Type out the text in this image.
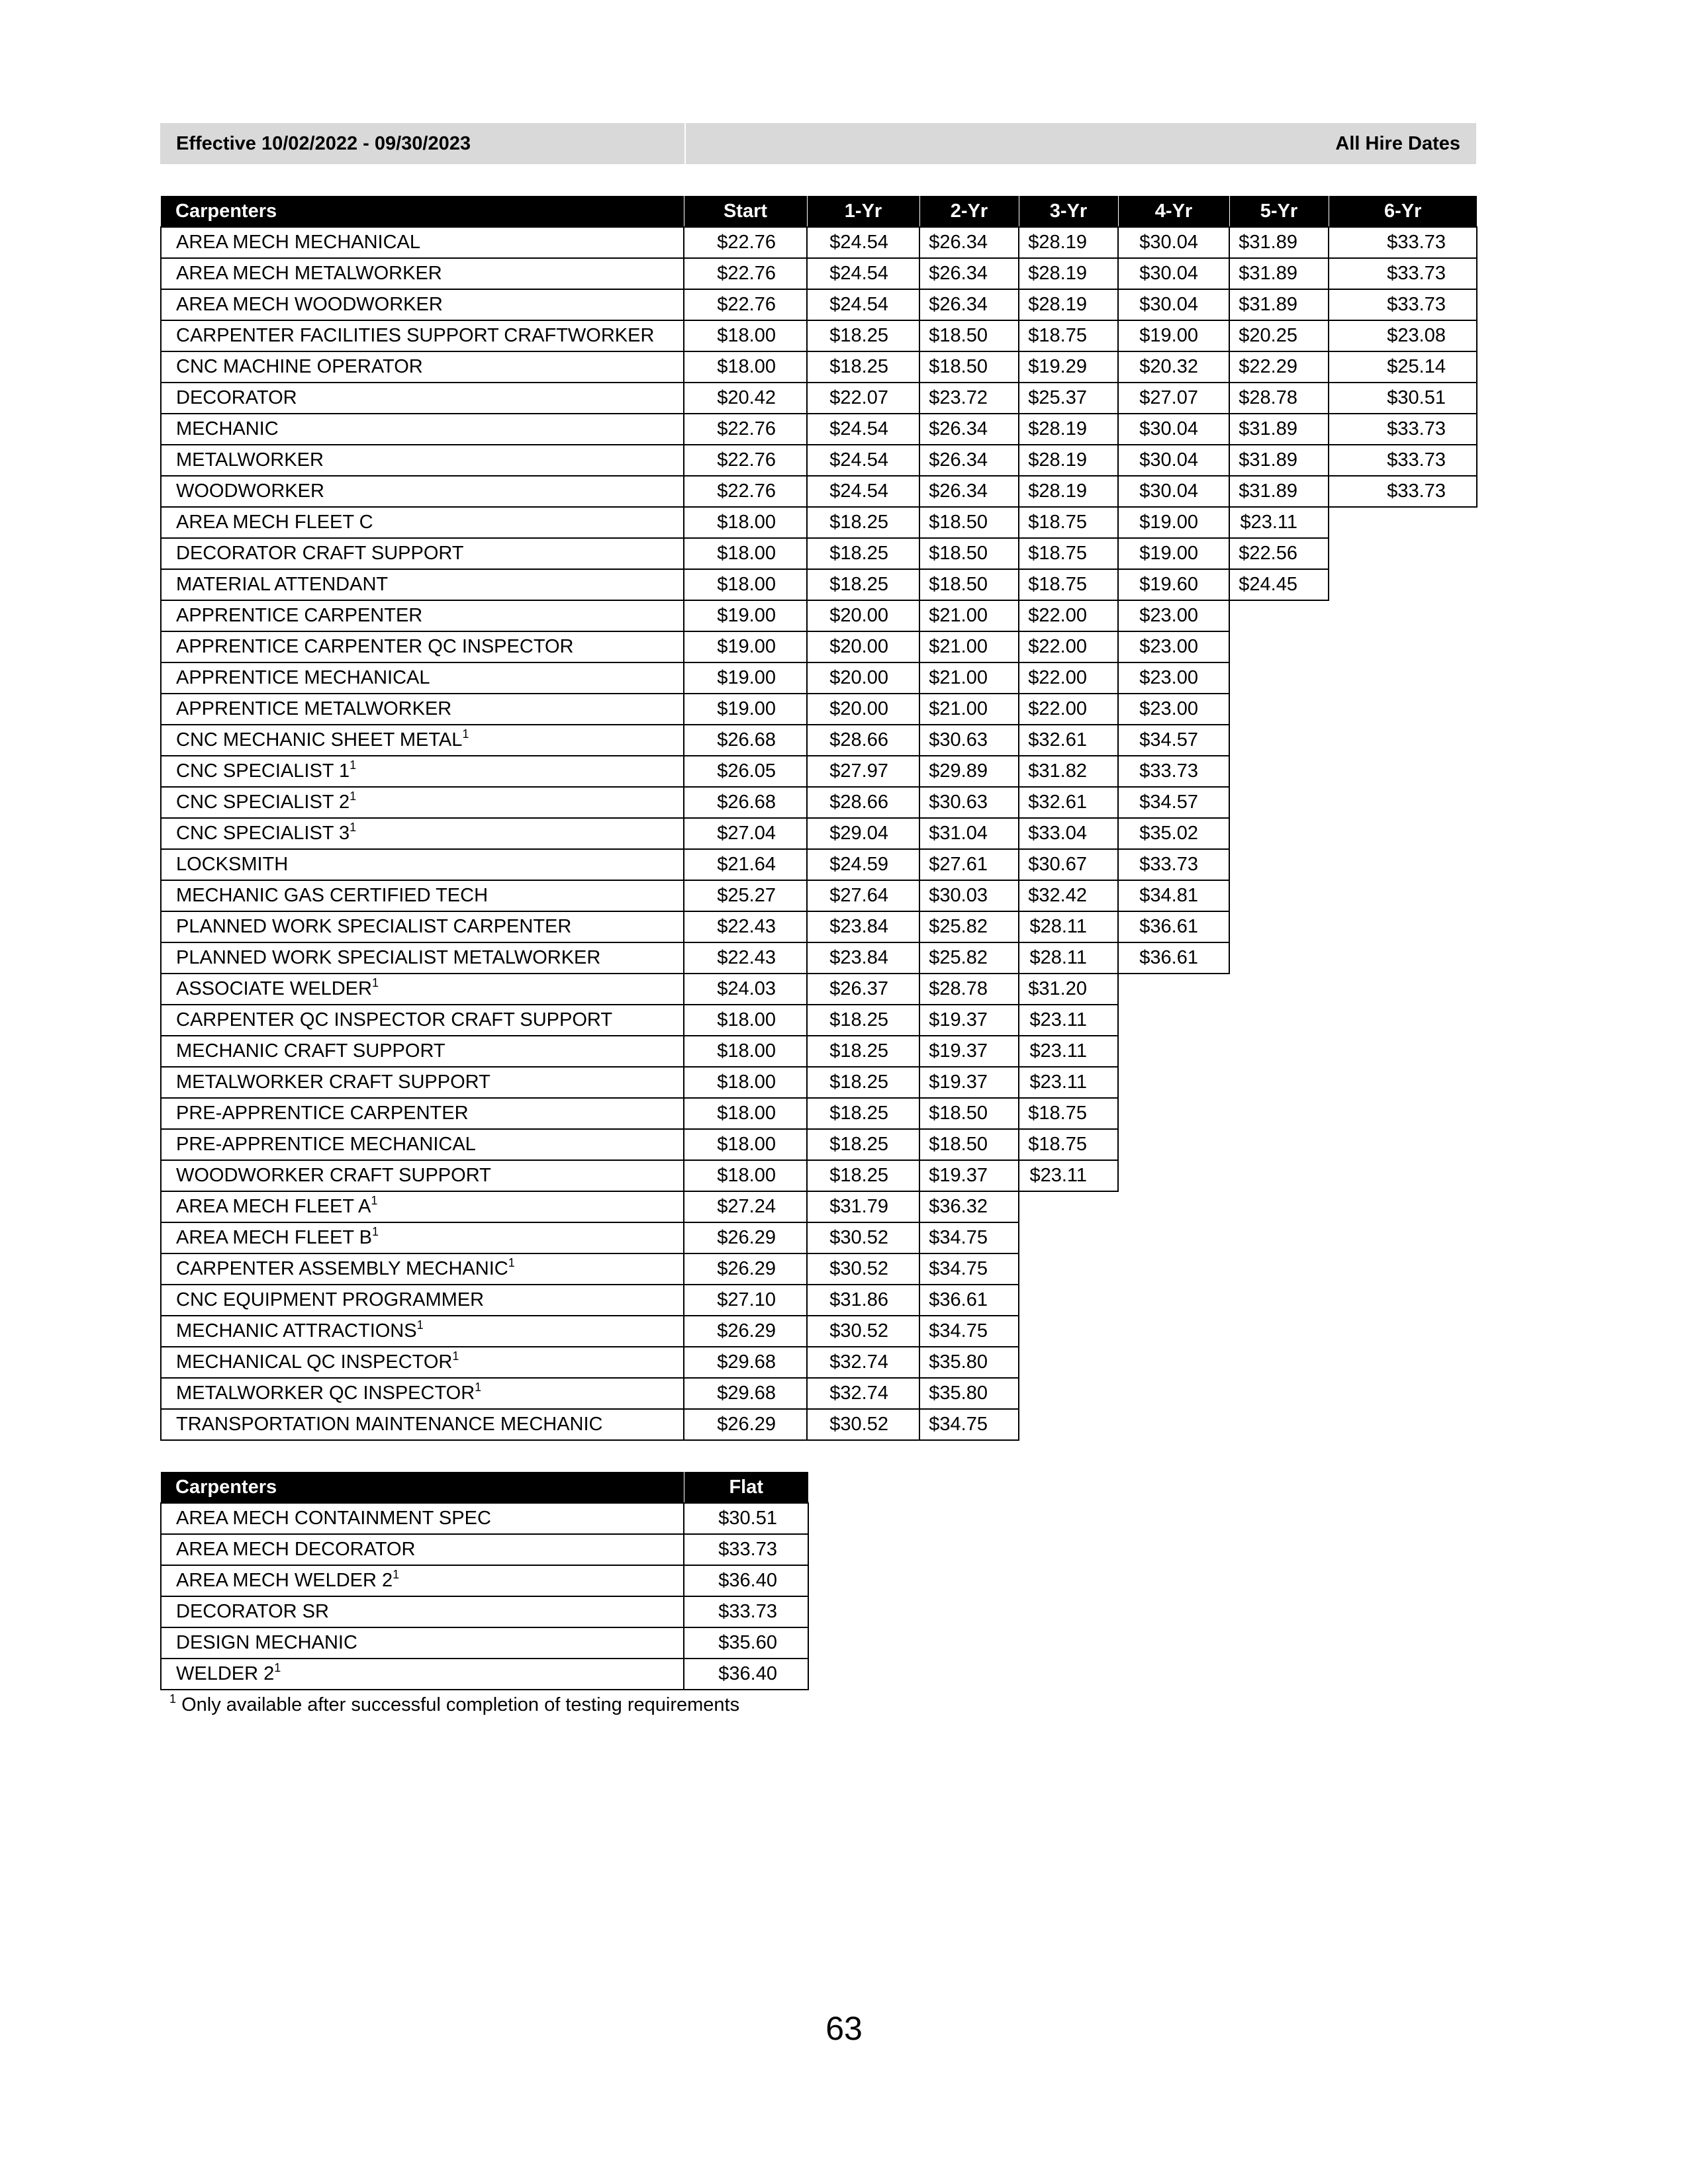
Effective 10/02/2022 - 09/30/2023	All Hire Dates
Carpenters	Start	1-Yr	2-Yr	3-Yr	4-Yr	5-Yr	6-Yr
AREA MECH MECHANICAL	$22.76	$24.54	$26.34	$28.19	$30.04	$31.89	$33.73
AREA MECH METALWORKER	$22.76	$24.54	$26.34	$28.19	$30.04	$31.89	$33.73
AREA MECH WOODWORKER	$22.76	$24.54	$26.34	$28.19	$30.04	$31.89	$33.73
CARPENTER FACILITIES SUPPORT CRAFTWORKER	$18.00	$18.25	$18.50	$18.75	$19.00	$20.25	$23.08
CNC MACHINE OPERATOR	$18.00	$18.25	$18.50	$19.29	$20.32	$22.29	$25.14
DECORATOR	$20.42	$22.07	$23.72	$25.37	$27.07	$28.78	$30.51
MECHANIC	$22.76	$24.54	$26.34	$28.19	$30.04	$31.89	$33.73
METALWORKER	$22.76	$24.54	$26.34	$28.19	$30.04	$31.89	$33.73
WOODWORKER	$22.76	$24.54	$26.34	$28.19	$30.04	$31.89	$33.73
AREA MECH FLEET C	$18.00	$18.25	$18.50	$18.75	$19.00	$23.11	
DECORATOR CRAFT SUPPORT	$18.00	$18.25	$18.50	$18.75	$19.00	$22.56	
MATERIAL ATTENDANT	$18.00	$18.25	$18.50	$18.75	$19.60	$24.45	
APPRENTICE CARPENTER	$19.00	$20.00	$21.00	$22.00	$23.00		
APPRENTICE CARPENTER QC INSPECTOR	$19.00	$20.00	$21.00	$22.00	$23.00		
APPRENTICE MECHANICAL	$19.00	$20.00	$21.00	$22.00	$23.00		
APPRENTICE METALWORKER	$19.00	$20.00	$21.00	$22.00	$23.00		
CNC MECHANIC SHEET METAL$^1$	$26.68	$28.66	$30.63	$32.61	$34.57		
CNC SPECIALIST $1^1$	$26.05	$27.97	$29.89	$31.82	$33.73		
CNC SPECIALIST $2^1$	$26.68	$28.66	$30.63	$32.61	$34.57		
CNC SPECIALIST $3^1$	$27.04	$29.04	$31.04	$33.04	$35.02		
LOCKSMITH	$21.64	$24.59	$27.61	$30.67	$33.73		
MECHANIC GAS CERTIFIED TECH	$25.27	$27.64	$30.03	$32.42	$34.81		
PLANNED WORK SPECIALIST CARPENTER	$22.43	$23.84	$25.82	$28.11	$36.61		
PLANNED WORK SPECIALIST METALWORKER	$22.43	$23.84	$25.82	$28.11	$36.61		
ASSOCIATE WELDER$^1$	$24.03	$26.37	$28.78	$31.20			
CARPENTER QC INSPECTOR CRAFT SUPPORT	$18.00	$18.25	$19.37	$23.11			
MECHANIC CRAFT SUPPORT	$18.00	$18.25	$19.37	$23.11			
METALWORKER CRAFT SUPPORT	$18.00	$18.25	$19.37	$23.11			
PRE-APPRENTICE CARPENTER	$18.00	$18.25	$18.50	$18.75			
PRE-APPRENTICE MECHANICAL	$18.00	$18.25	$18.50	$18.75			
WOODWORKER CRAFT SUPPORT	$18.00	$18.25	$19.37	$23.11			
AREA MECH FLEET $A^1$	$27.24	$31.79	$36.32				
AREA MECH FLEET $B^1$	$26.29	$30.52	$34.75				
CARPENTER ASSEMBLY MECHANIC$^1$	$26.29	$30.52	$34.75				
CNC EQUIPMENT PROGRAMMER	$27.10	$31.86	$36.61				
MECHANIC ATTRACTIONS$^1$	$26.29	$30.52	$34.75				
MECHANICAL QC INSPECTOR$^1$	$29.68	$32.74	$35.80				
METALWORKER QC INSPECTOR$^1$	$29.68	$32.74	$35.80				
TRANSPORTATION MAINTENANCE MECHANIC	$26.29	$30.52	$34.75				
Carpenters	Flat
AREA MECH CONTAINMENT SPEC	$30.51
AREA MECH DECORATOR	$33.73
AREA MECH WELDER $2^1$	$36.40
DECORATOR SR	$33.73
DESIGN MECHANIC	$35.60
WELDER $2^1$	$36.40
$^1$ Only available after successful completion of testing requirements
63
